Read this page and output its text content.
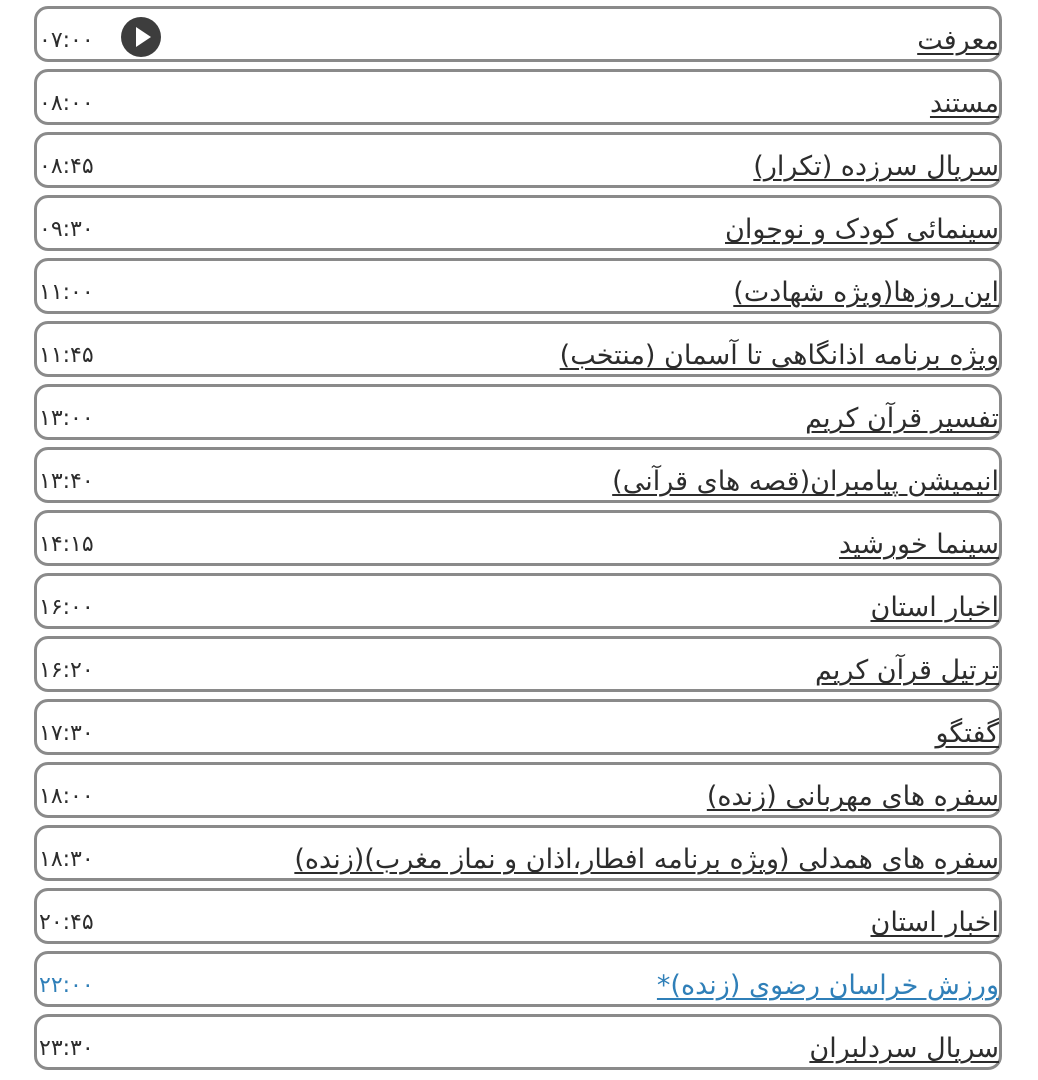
معرفت
۰۷:۰۰
مستند
۰۸:۰۰
سریال سرزده (تکرار)
۰۸:۴۵
سینمائی کودک و نوجوان
۰۹:۳۰
این روزها(ویژه شهادت)
۱۱:۰۰
ویژه برنامه اذانگاهی تا آسمان (منتخب)
۱۱:۴۵
تفسیر قرآن کریم
۱۳:۰۰
انیمیشن پیامبران(قصه های قرآنی)
۱۳:۴۰
سینما خورشید
۱۴:۱۵
اخبار استان
۱۶:۰۰
ترتیل قرآن کریم
۱۶:۲۰
گفتگو
۱۷:۳۰
سفره های مهربانی (زنده)
۱۸:۰۰
سفره های همدلی (ویژه برنامه افطار،اذان و نماز مغرب)(زنده)
۱۸:۳۰
اخبار استان
۲۰:۴۵
ورزش خراسان رضوی (زنده)*
۲۲:۰۰
سریال سردلبران
۲۳:۳۰
